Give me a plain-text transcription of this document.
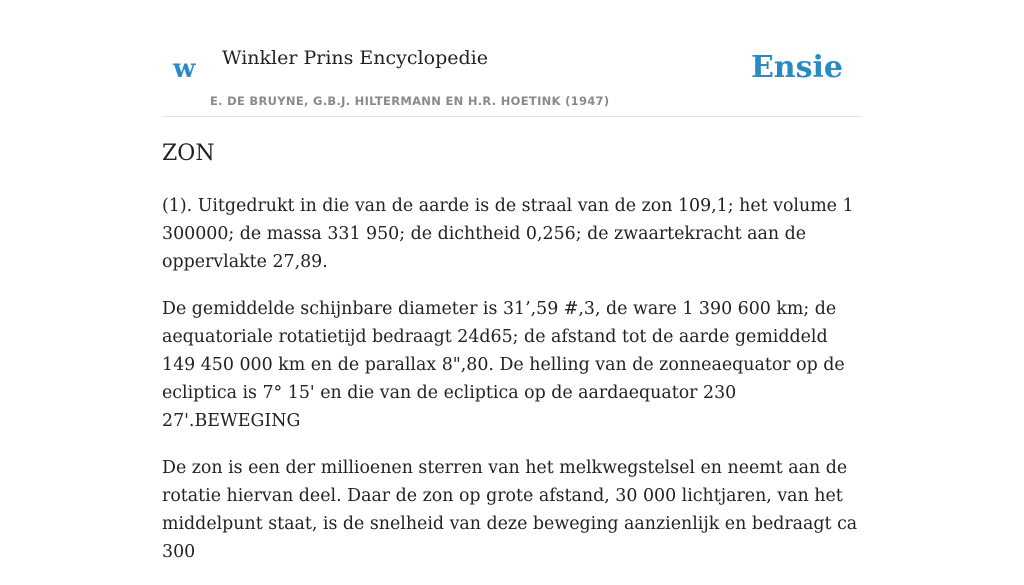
w Winkler Prins Encyclopedie
E. DE BRUYNE, G.B.J. HILTERMANN EN H.R. HOETINK (1947)
Ensie
ZON

(1). Uitgedrukt in die van de aarde is de straal van de zon 109,1; het volume 1 300000; de massa 331 950; de dichtheid 0,256; de zwaartekracht aan de oppervlakte 27,89.

De gemiddelde schijnbare diameter is 31’,59 #,3, de ware 1 390 600 km; de aequatoriale rotatietijd bedraagt 24d65; de afstand tot de aarde gemiddeld 149 450 000 km en de parallax 8",80. De helling van de zonneaequator op de ecliptica is 7° 15' en die van de ecliptica op de aardaequator 230 27'.BEWEGING

De zon is een der millioenen sterren van het melkwegstelsel en neemt aan de rotatie hiervan deel. Daar de zon op grote afstand, 30 000 lichtjaren, van het middelpunt staat, is de snelheid van deze beweging aanzienlijk en bedraagt ca 300
